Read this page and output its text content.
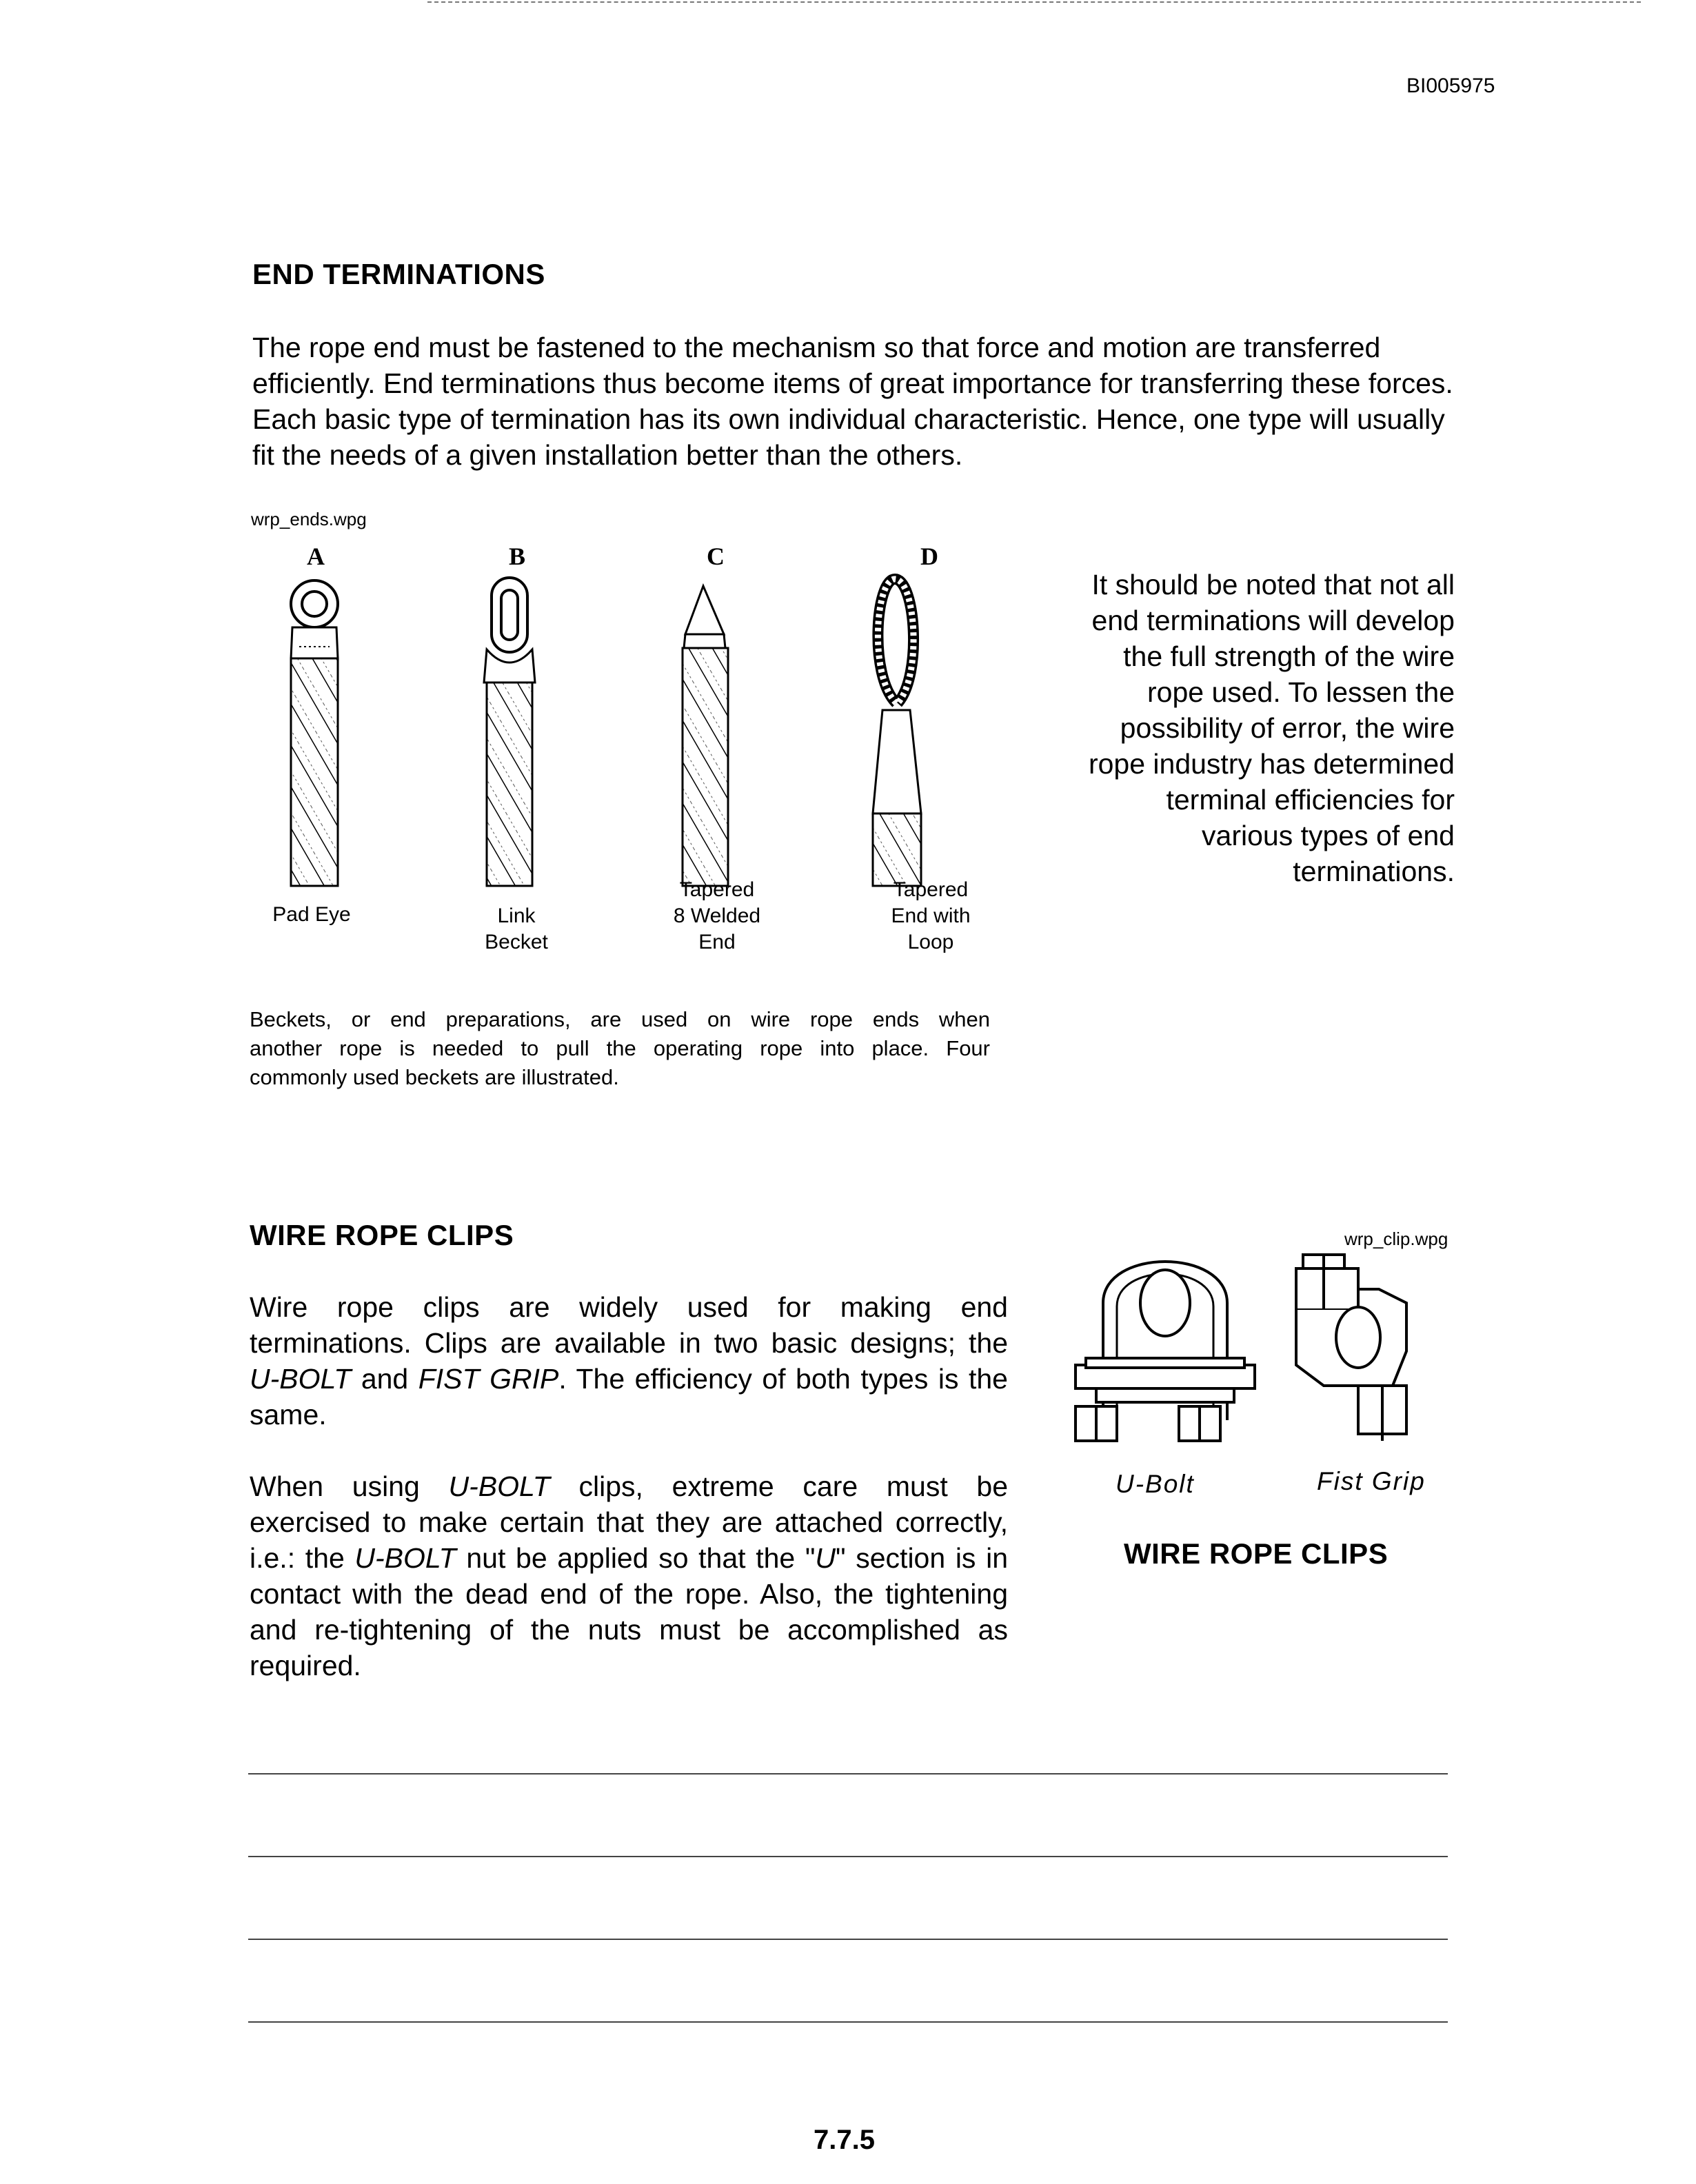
BI005975
END TERMINATIONS
The rope end must be fastened to the mechanism so that force and motion are transferred efficiently. End terminations thus become items of great importance for transferring these forces. Each basic type of termination has its own individual characteristic. Hence, one type will usually fit the needs of a given installation better than the others.
wrp_ends.wpg
A	B	C	D
Pad Eye	Link
Becket
Tapered
8 Welded
End
Tapered
End with
Loop
It should be noted that not all
end terminations will develop
the full strength of the wire
rope used. To lessen the
possibility of error, the wire
rope industry has determined
terminal efficiencies for
various types of end
terminations.
Beckets, or end preparations, are used on wire rope ends when
another rope is needed to pull the operating rope into place. Four
commonly used beckets are illustrated.
WIRE ROPE CLIPS
Wire rope clips are widely used for making end
terminations. Clips are available in two basic designs; the
U-BOLT and FIST GRIP. The efficiency of both types is the
same.
When using U-BOLT clips, extreme care must be
exercised to make certain that they are attached correctly,
i.e.: the U-BOLT nut be applied so that the "U" section is in
contact with the dead end of the rope. Also, the tightening
and re-tightening of the nuts must be accomplished as
required.
wrp_clip.wpg
U-Bolt	Fist Grip
WIRE ROPE CLIPS
7.7.5
